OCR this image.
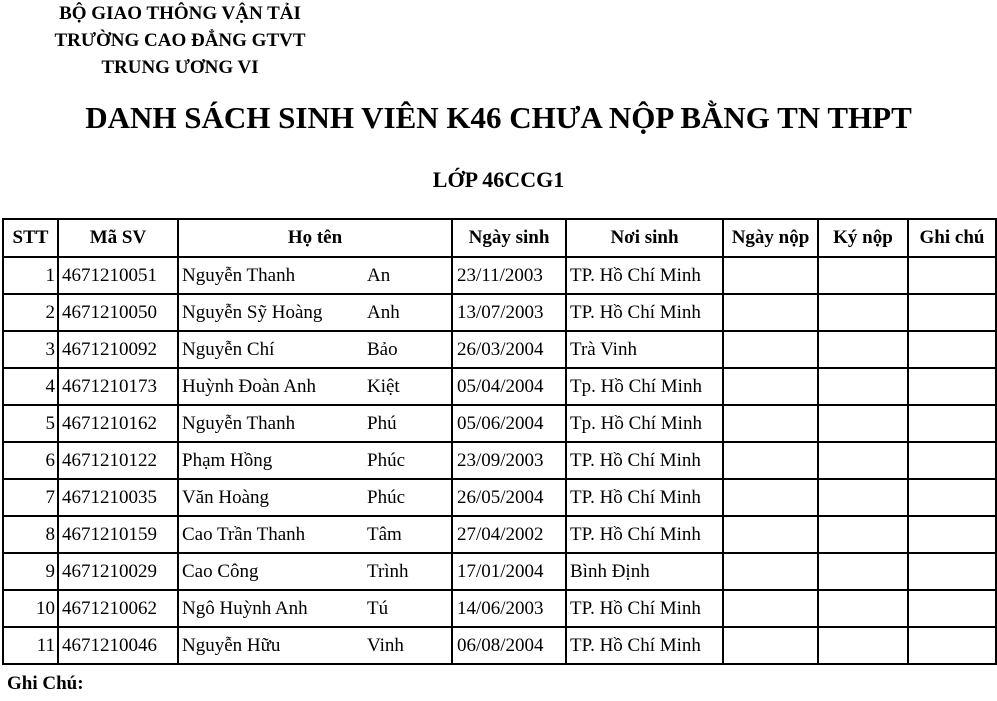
BỘ GIAO THÔNG VẬN TẢI
TRƯỜNG CAO ĐẲNG GTVT
TRUNG ƯƠNG VI
DANH SÁCH SINH VIÊN K46 CHƯA NỘP BẰNG TN THPT
LỚP 46CCG1
STT	Mã SV	Họ tên		Ngày sinh	Nơi sinh	Ngày nộp	Ký nộp	Ghi chú
1	4671210051	Nguyễn Thanh	An	23/11/2003	TP. Hồ Chí Minh			
2	4671210050	Nguyễn Sỹ Hoàng	Anh	13/07/2003	TP. Hồ Chí Minh			
3	4671210092	Nguyễn Chí	Bảo	26/03/2004	Trà Vinh			
4	4671210173	Huỳnh Đoàn Anh	Kiệt	05/04/2004	Tp. Hồ Chí Minh			
5	4671210162	Nguyễn Thanh	Phú	05/06/2004	Tp. Hồ Chí Minh			
6	4671210122	Phạm Hồng	Phúc	23/09/2003	TP. Hồ Chí Minh			
7	4671210035	Văn Hoàng	Phúc	26/05/2004	TP. Hồ Chí Minh			
8	4671210159	Cao Trần Thanh	Tâm	27/04/2002	TP. Hồ Chí Minh			
9	4671210029	Cao Công	Trình	17/01/2004	Bình Định			
10	4671210062	Ngô Huỳnh Anh	Tú	14/06/2003	TP. Hồ Chí Minh			
11	4671210046	Nguyễn Hữu	Vinh	06/08/2004	TP. Hồ Chí Minh			
Ghi Chú:
